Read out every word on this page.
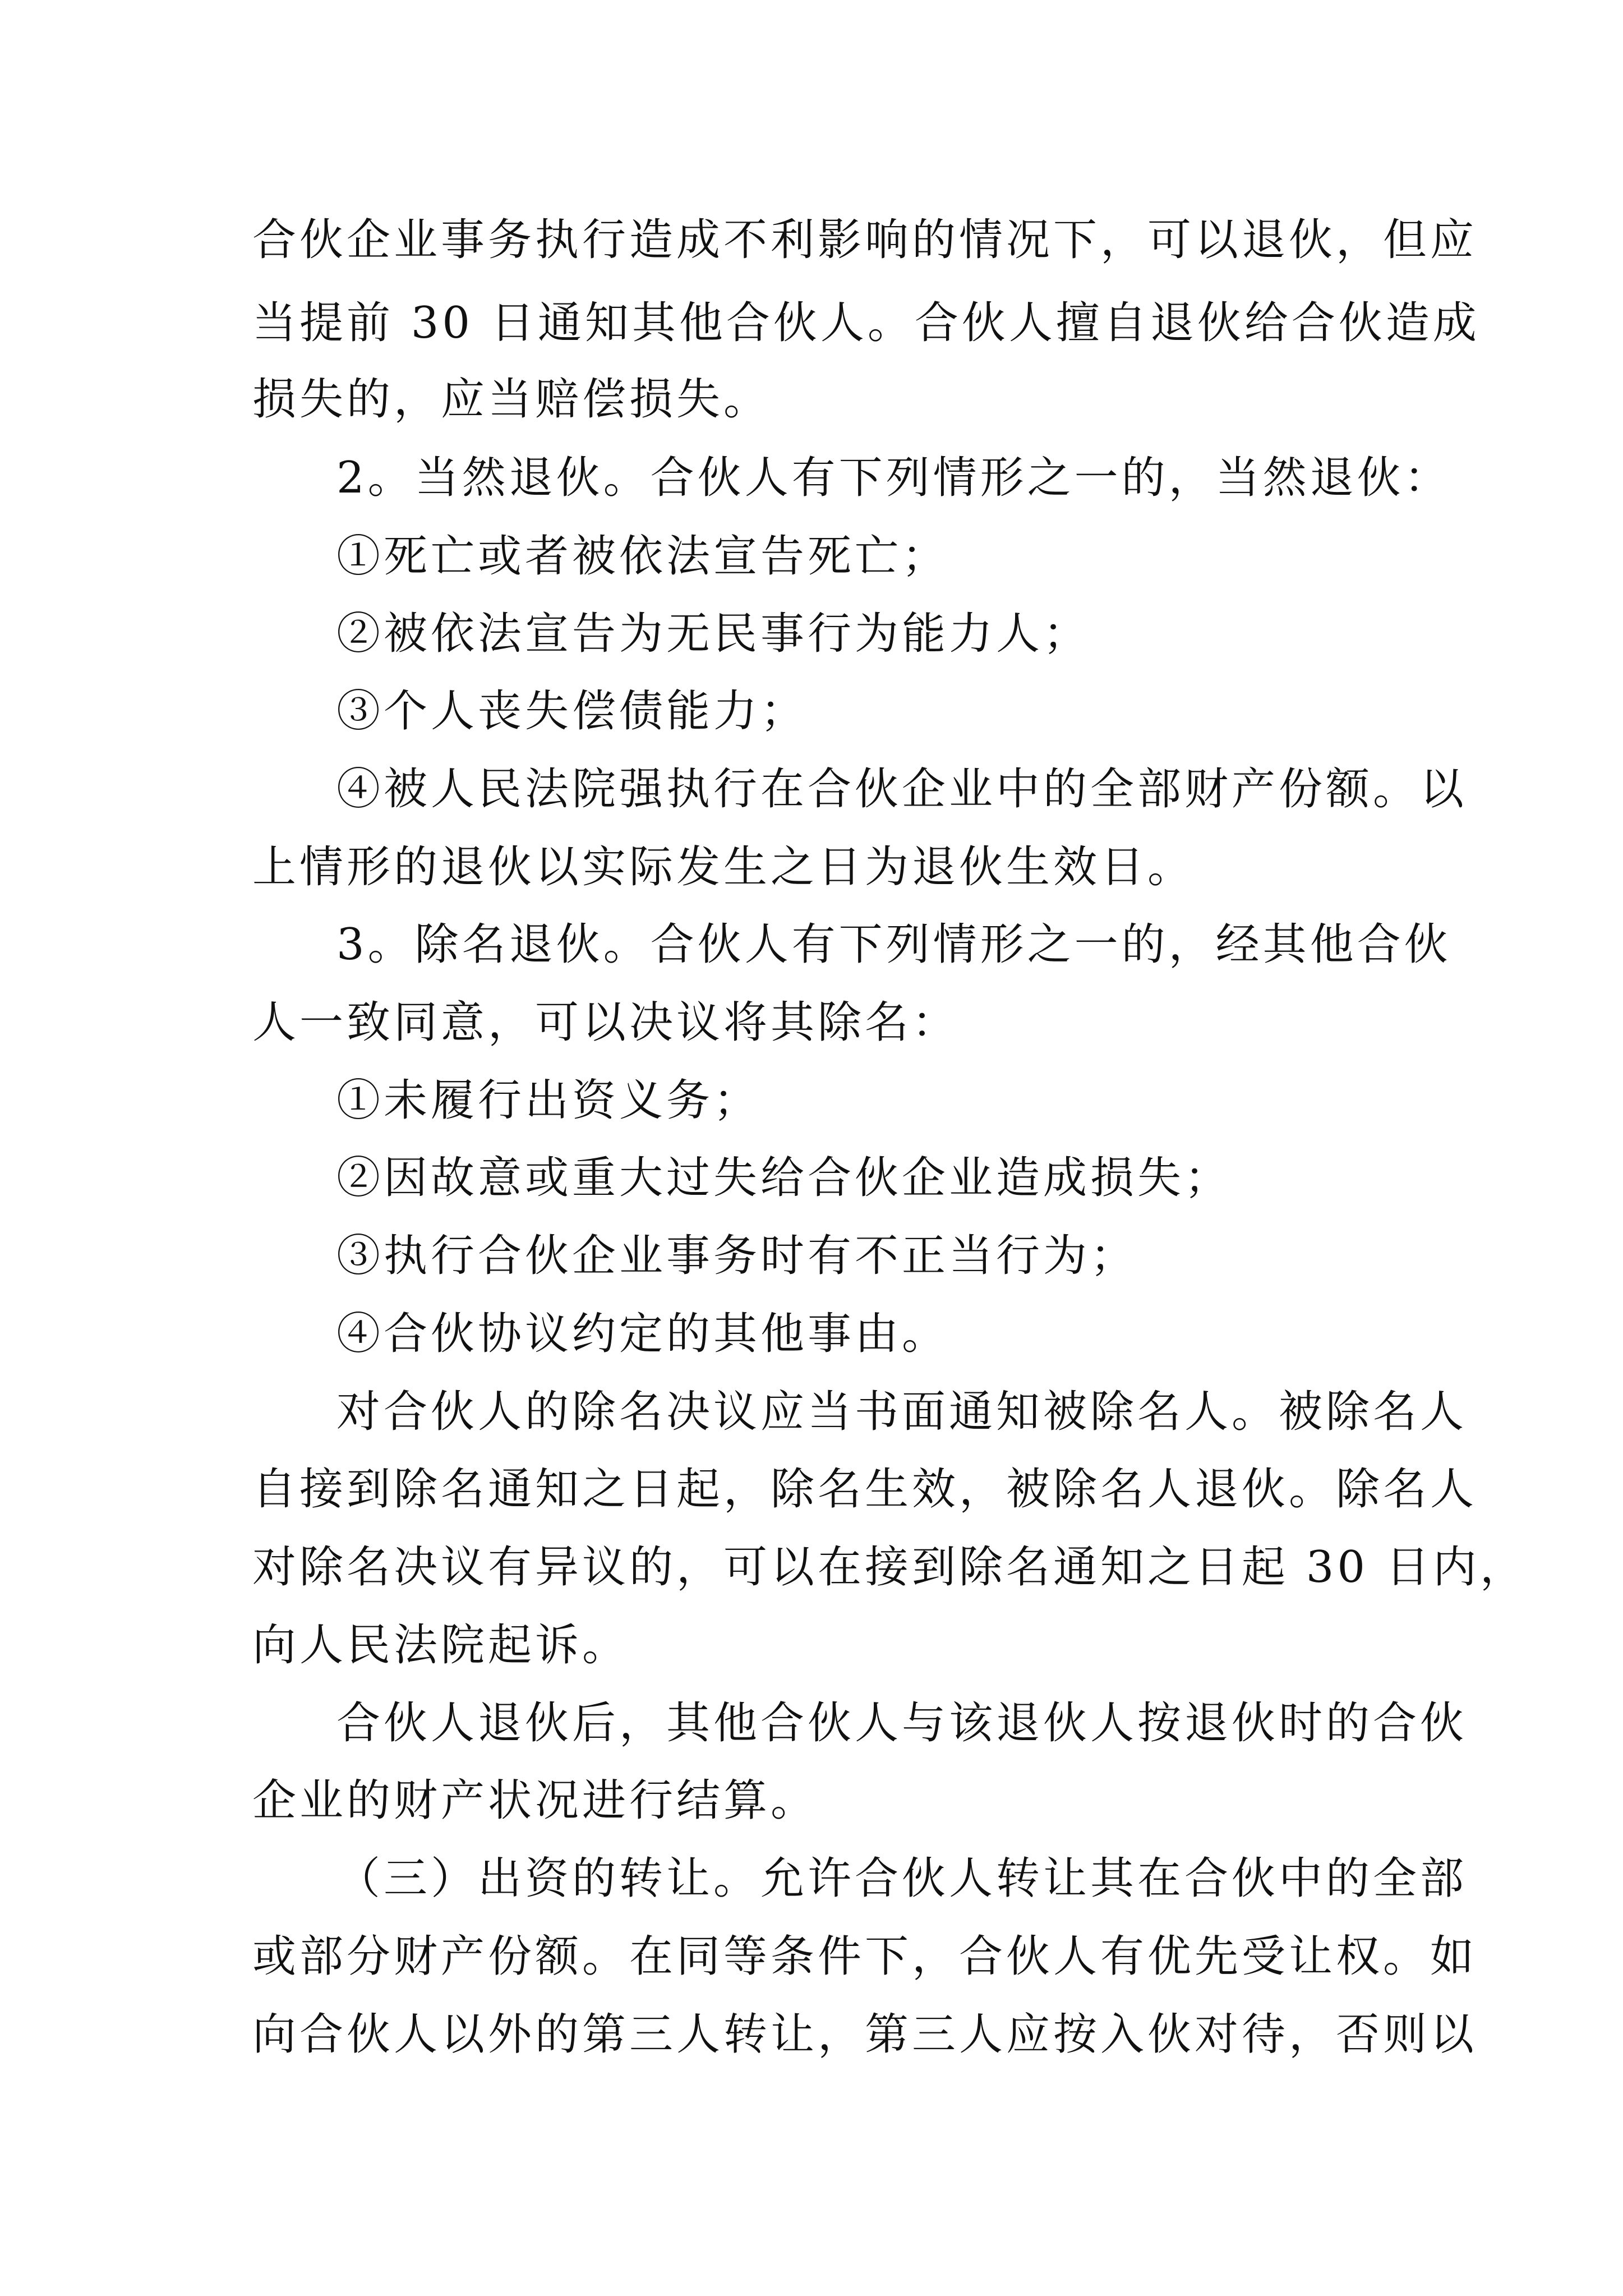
合伙企业事务执行造成不利影响的情况下，可以退伙，但应
当提前 30 日通知其他合伙人。合伙人擅自退伙给合伙造成
损失的，应当赔偿损失。
2。当然退伙。合伙人有下列情形之一的，当然退伙：
①死亡或者被依法宣告死亡；
②被依法宣告为无民事行为能力人；
③个人丧失偿债能力；
④被人民法院强执行在合伙企业中的全部财产份额。以
上情形的退伙以实际发生之日为退伙生效日。
3。除名退伙。合伙人有下列情形之一的，经其他合伙
人一致同意，可以决议将其除名：
①未履行出资义务；
②因故意或重大过失给合伙企业造成损失；
③执行合伙企业事务时有不正当行为；
④合伙协议约定的其他事由。
对合伙人的除名决议应当书面通知被除名人。被除名人
自接到除名通知之日起，除名生效，被除名人退伙。除名人
对除名决议有异议的，可以在接到除名通知之日起 30 日内，
向人民法院起诉。
合伙人退伙后，其他合伙人与该退伙人按退伙时的合伙
企业的财产状况进行结算。
（三）出资的转让。允许合伙人转让其在合伙中的全部
或部分财产份额。在同等条件下，合伙人有优先受让权。如
向合伙人以外的第三人转让，第三人应按入伙对待，否则以
